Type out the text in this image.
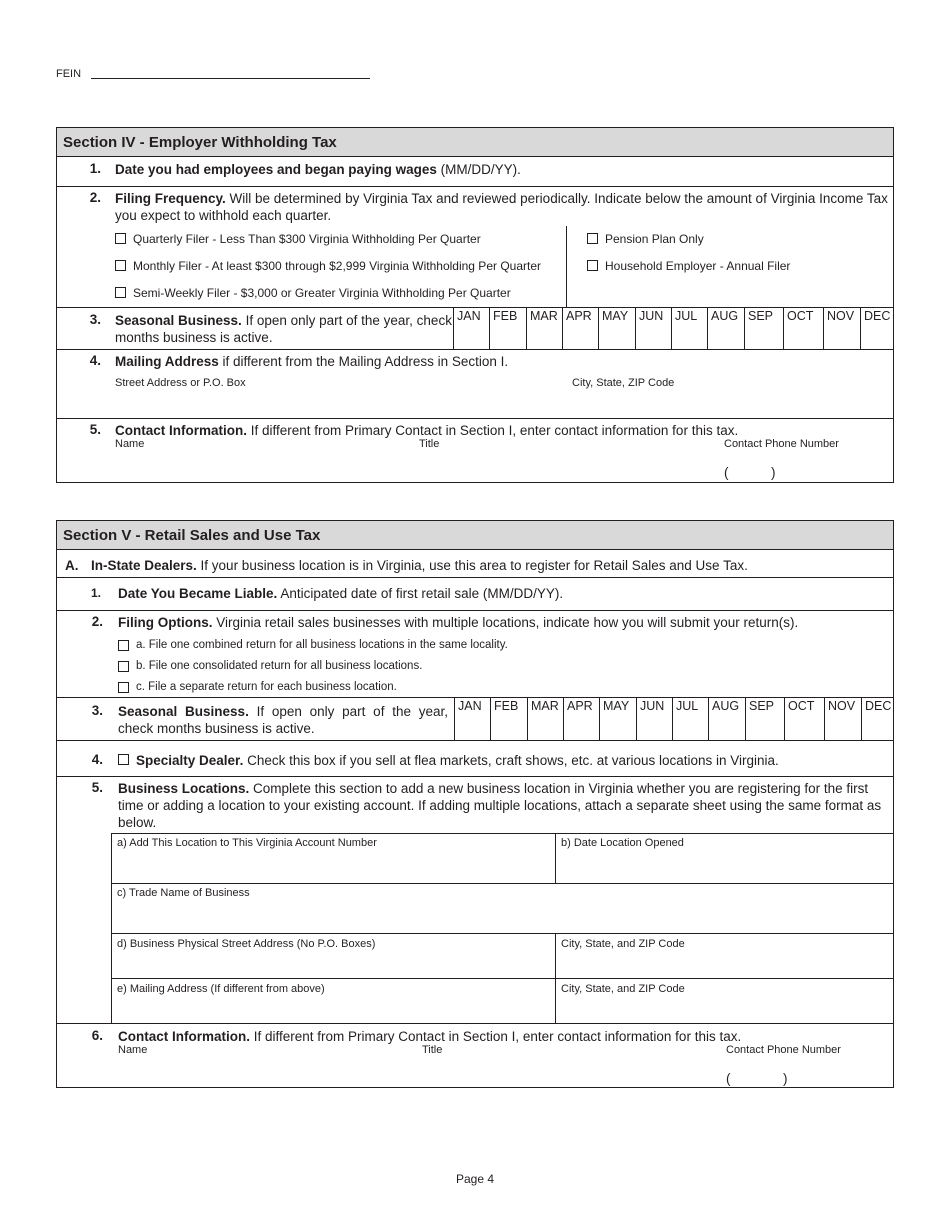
FEIN
Section IV - Employer Withholding Tax
1. Date you had employees and began paying wages (MM/DD/YY).
2. Filing Frequency. Will be determined by Virginia Tax and reviewed periodically. Indicate below the amount of Virginia Income Tax you expect to withhold each quarter.
Quarterly Filer - Less Than $300 Virginia Withholding Per Quarter
Monthly Filer - At least $300 through $2,999 Virginia Withholding Per Quarter
Semi-Weekly Filer - $3,000 or Greater Virginia Withholding Per Quarter
Pension Plan Only
Household Employer - Annual Filer
3. Seasonal Business. If open only part of the year, check months business is active.
JAN FEB	MAR APR MAY JUN JUL	AUG SEP	OCT	NOV DEC
4. Mailing Address if different from the Mailing Address in Section I.
Street Address or P.O. Box	City, State, ZIP Code
5. Contact Information. If different from Primary Contact in Section I, enter contact information for this tax.
Name	Title	Contact Phone Number
(	)
Section V - Retail Sales and Use Tax
A. In-State Dealers. If your business location is in Virginia, use this area to register for Retail Sales and Use Tax.
1. Date You Became Liable. Anticipated date of first retail sale (MM/DD/YY).
2. Filing Options. Virginia retail sales businesses with multiple locations, indicate how you will submit your return(s).
a. File one combined return for all business locations in the same locality.
b. File one consolidated return for all business locations.
c. File a separate return for each business location.
3. Seasonal Business. If open only part of the year, check months business is active.
JAN FEB	MAR APR MAY JUN JUL	AUG SEP	OCT	NOV DEC
4. Specialty Dealer. Check this box if you sell at flea markets, craft shows, etc. at various locations in Virginia.
5. Business Locations. Complete this section to add a new business location in Virginia whether you are registering for the first time or adding a location to your existing account. If adding multiple locations, attach a separate sheet using the same format as below.
a) Add This Location to This Virginia Account Number	b) Date Location Opened
c) Trade Name of Business
d) Business Physical Street Address (No P.O. Boxes)	City, State, and ZIP Code
e) Mailing Address (If different from above)	City, State, and ZIP Code
6. Contact Information. If different from Primary Contact in Section I, enter contact information for this tax.
Name	Title	Contact Phone Number
(	)
Page 4
